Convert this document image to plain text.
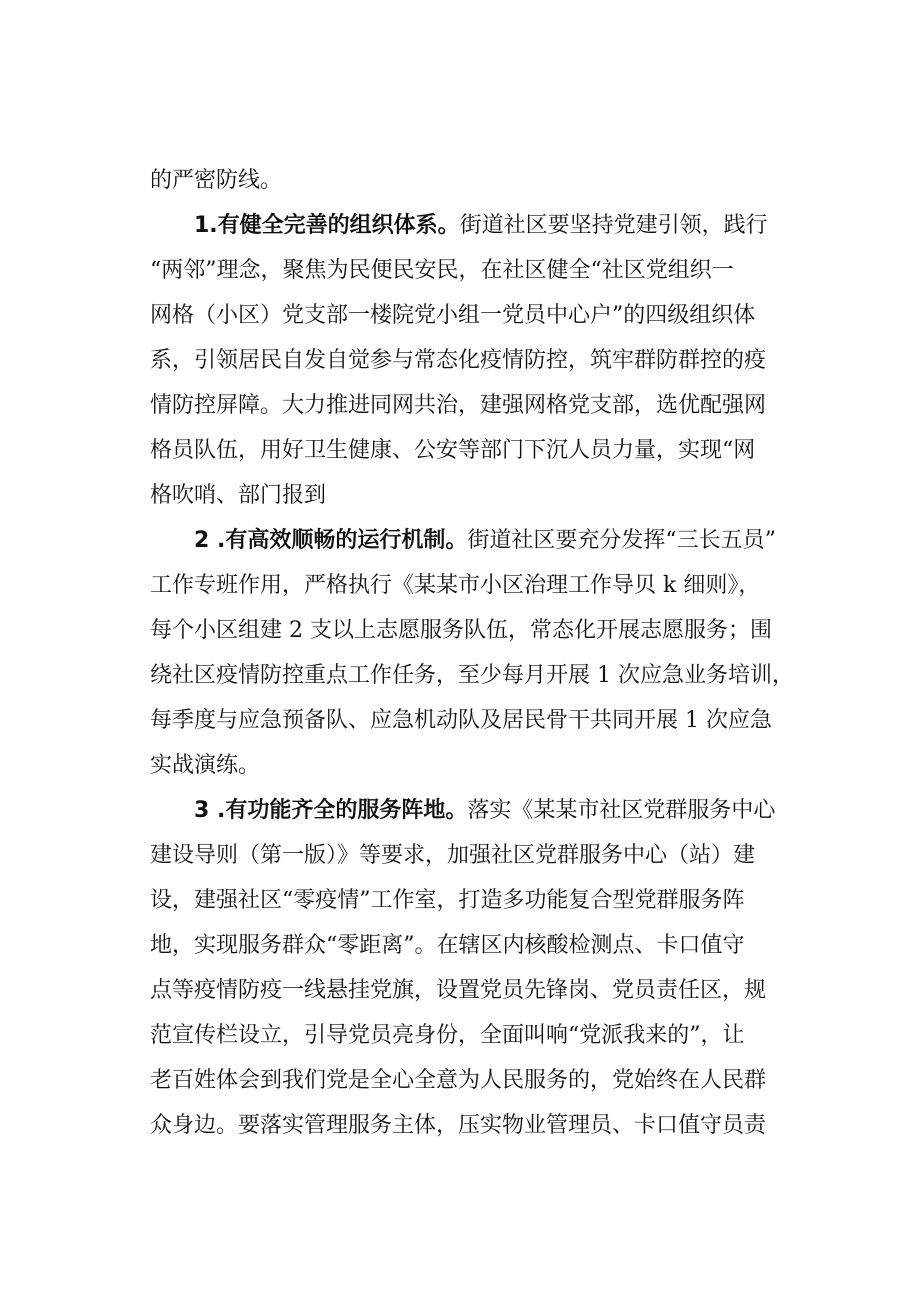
的严密防线。
1.有健全完善的组织体系。街道社区要坚持党建引领，践行
“两邻”理念，聚焦为民便民安民，在社区健全“社区党组织一
网格（小区）党支部一楼院党小组一党员中心户”的四级组织体
系，引领居民自发自觉参与常态化疫情防控，筑牢群防群控的疫
情防控屏障。大力推进同网共治，建强网格党支部，选优配强网
格员队伍，用好卫生健康、公安等部门下沉人员力量，实现“网
格吹哨、部门报到
2 .有高效顺畅的运行机制。街道社区要充分发挥“三长五员”
工作专班作用，严格执行《某某市小区治理工作导贝 k 细则》，
每个小区组建 2 支以上志愿服务队伍，常态化开展志愿服务；围
绕社区疫情防控重点工作任务，至少每月开展 1 次应急业务培训，
每季度与应急预备队、应急机动队及居民骨干共同开展 1 次应急
实战演练。
3 .有功能齐全的服务阵地。落实《某某市社区党群服务中心
建设导则（第一版）》等要求，加强社区党群服务中心（站）建
设，建强社区“零疫情”工作室，打造多功能复合型党群服务阵
地，实现服务群众“零距离”。在辖区内核酸检测点、卡口值守
点等疫情防疫一线悬挂党旗，设置党员先锋岗、党员责任区，规
范宣传栏设立，引导党员亮身份，全面叫响“党派我来的”，让
老百姓体会到我们党是全心全意为人民服务的，党始终在人民群
众身边。要落实管理服务主体，压实物业管理员、卡口值守员责
